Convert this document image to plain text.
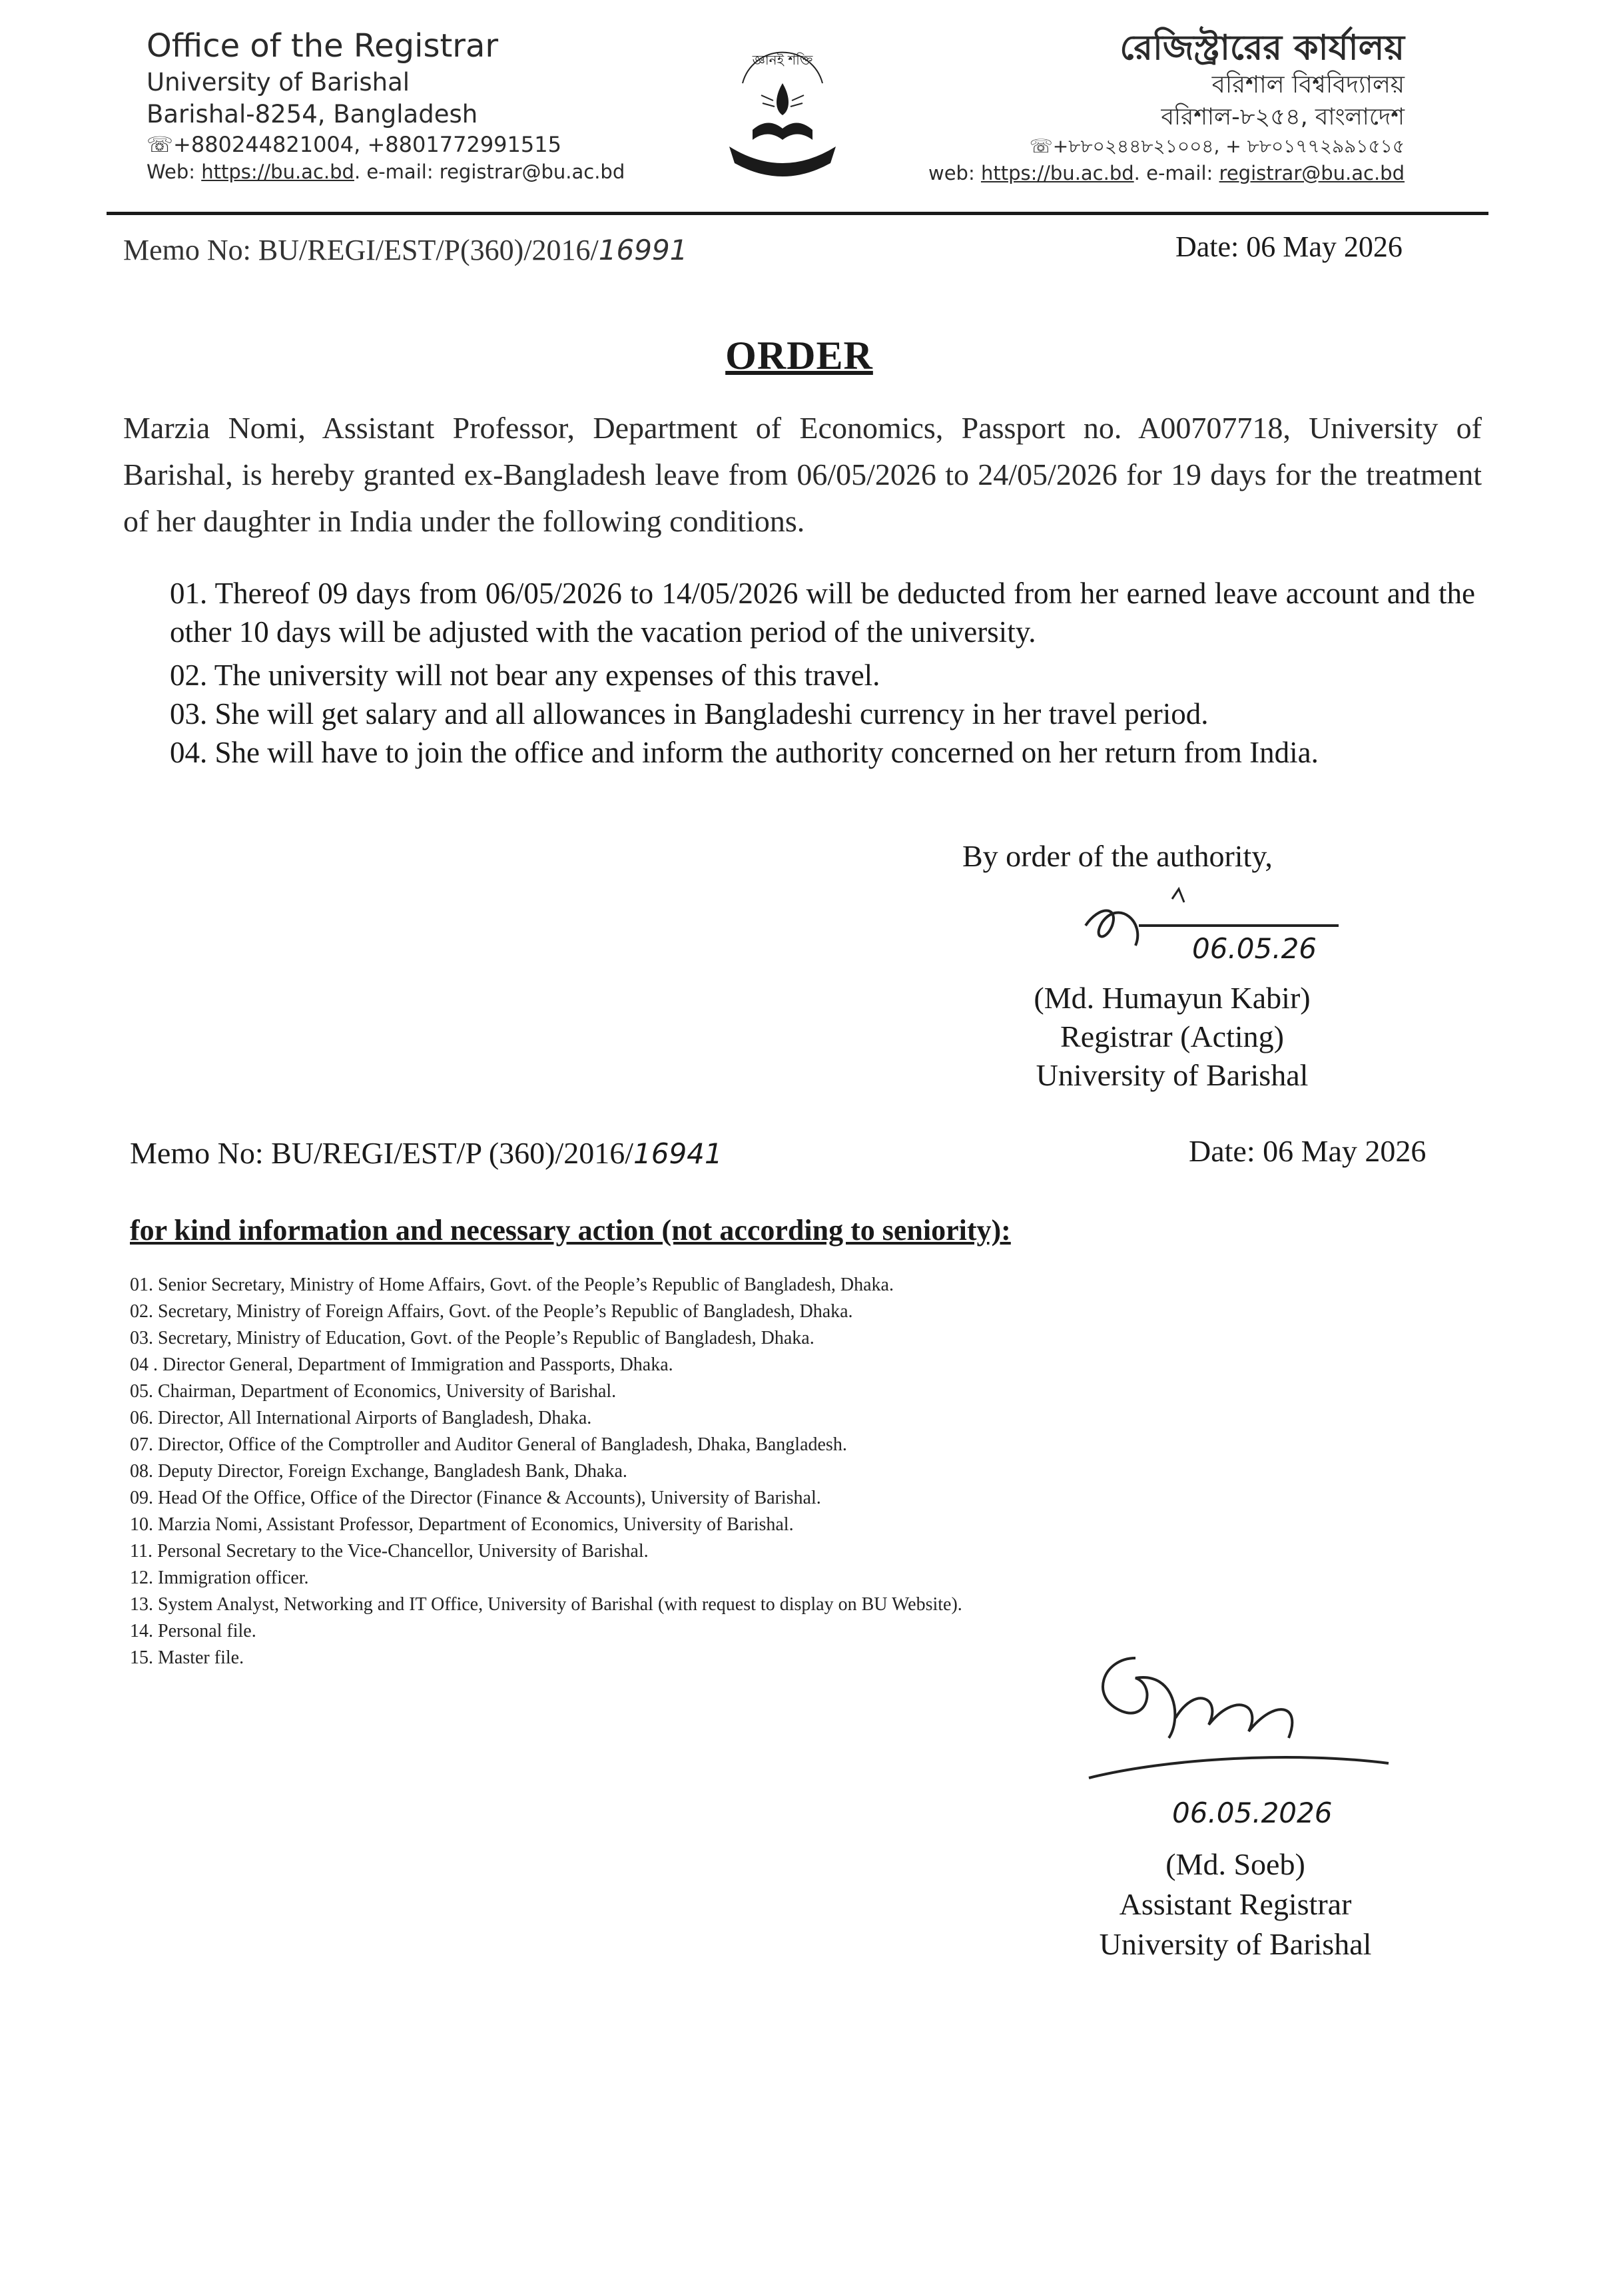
Office of the Registrar
University of Barishal
Barishal-8254, Bangladesh
☏+880244821004, +8801772991515
Web: https://bu.ac.bd. e-mail: registrar@bu.ac.bd
জ্ঞানই শক্তি	রেজিস্ট্রারের কার্যালয়
বরিশাল বিশ্ববিদ্যালয়
বরিশাল-৮২৫৪, বাংলাদেশ
☏+৮৮০২৪৪৮২১০০৪, + ৮৮০১৭৭২৯৯১৫১৫
web: https://bu.ac.bd. e-mail: registrar@bu.ac.bd
Memo No: BU/REGI/EST/P(360)/2016/16991	Date: 06 May 2026
ORDER
Marzia Nomi, Assistant Professor, Department of Economics, Passport no. A00707718, University of Barishal, is hereby granted ex-Bangladesh leave from 06/05/2026 to 24/05/2026 for 19 days for the treatment of her daughter in India under the following conditions.
01. Thereof 09 days from 06/05/2026 to 14/05/2026 will be deducted from her earned leave account and the other 10 days will be adjusted with the vacation period of the university.
02. The university will not bear any expenses of this travel.
03. She will get salary and all allowances in Bangladeshi currency in her travel period.
04. She will have to join the office and inform the authority concerned on her return from India.
By order of the authority,
06.05.26
(Md. Humayun Kabir)
Registrar (Acting)
University of Barishal
Memo No: BU/REGI/EST/P (360)/2016/16941	Date: 06 May 2026
for kind information and necessary action (not according to seniority):
01. Senior Secretary, Ministry of Home Affairs, Govt. of the People’s Republic of Bangladesh, Dhaka.
02. Secretary, Ministry of Foreign Affairs, Govt. of the People’s Republic of Bangladesh, Dhaka.
03. Secretary, Ministry of Education, Govt. of the People’s Republic of Bangladesh, Dhaka.
04 . Director General, Department of Immigration and Passports, Dhaka.
05. Chairman, Department of Economics, University of Barishal.
06. Director, All International Airports of Bangladesh, Dhaka.
07. Director, Office of the Comptroller and Auditor General of Bangladesh, Dhaka, Bangladesh.
08. Deputy Director, Foreign Exchange, Bangladesh Bank, Dhaka.
09. Head Of the Office, Office of the Director (Finance & Accounts), University of Barishal.
10. Marzia Nomi, Assistant Professor, Department of Economics, University of Barishal.
11. Personal Secretary to the Vice-Chancellor, University of Barishal.
12. Immigration officer.
13. System Analyst, Networking and IT Office, University of Barishal (with request to display on BU Website).
14. Personal file.
15. Master file.
06.05.2026
(Md. Soeb)
Assistant Registrar
University of Barishal
